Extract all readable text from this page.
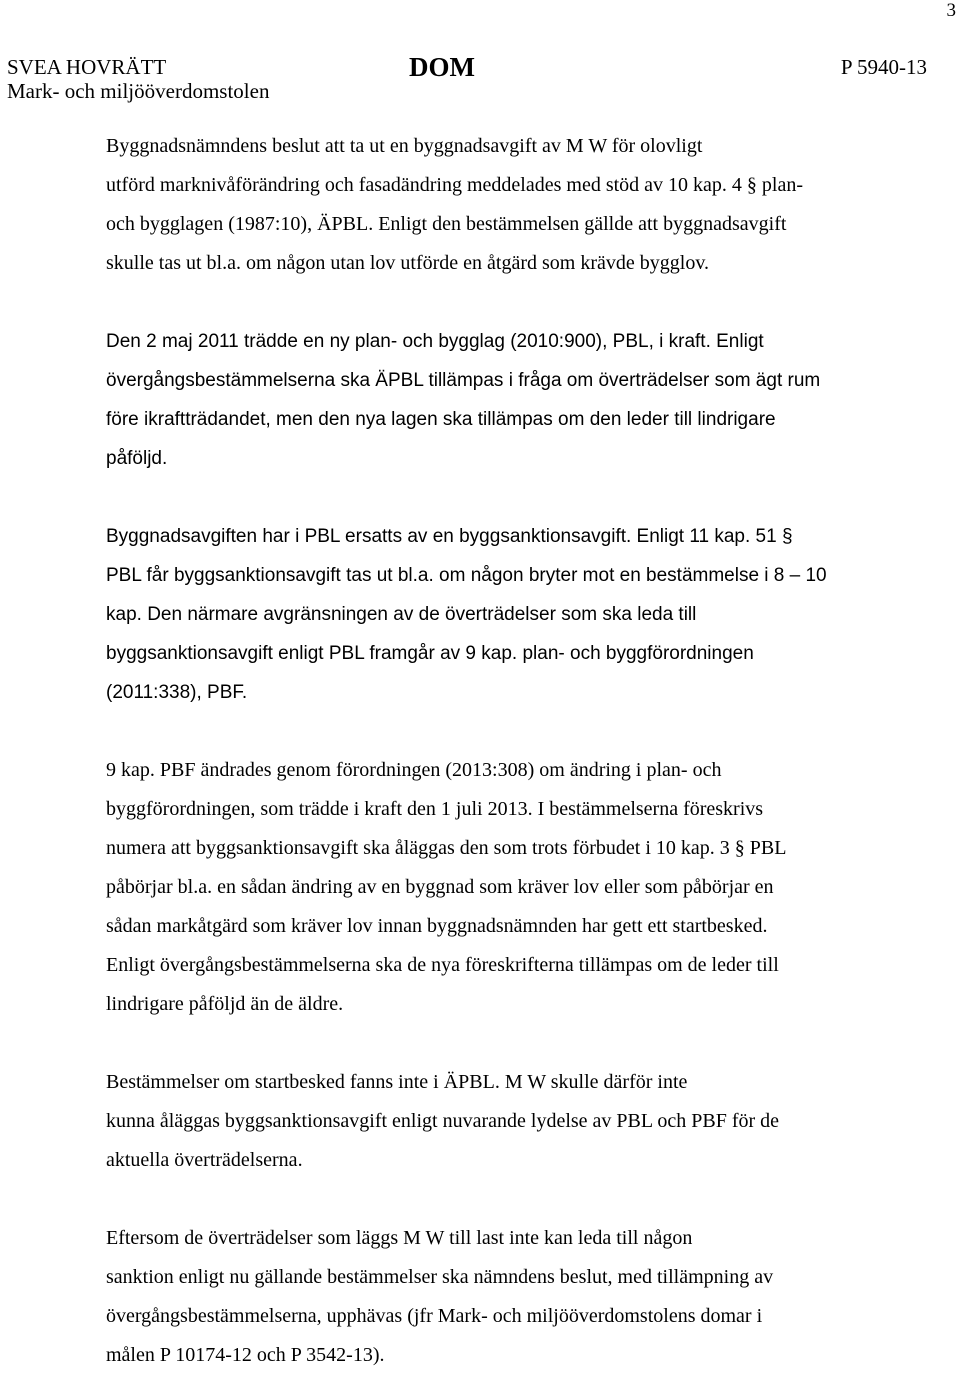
3
SVEA HOVRÄTT
Mark- och miljööverdomstolen
DOM	P 5940-13
Byggnadsnämndens beslut att ta ut en byggnadsavgift av M W för olovligt
utförd marknivåförändring och fasadändring meddelades med stöd av 10 kap. 4 § plan-
och bygglagen (1987:10), ÄPBL. Enligt den bestämmelsen gällde att byggnadsavgift
skulle tas ut bl.a. om någon utan lov utförde en åtgärd som krävde bygglov.
Den 2 maj 2011 trädde en ny plan- och bygglag (2010:900), PBL, i kraft. Enligt
övergångsbestämmelserna ska ÄPBL tillämpas i fråga om överträdelser som ägt rum
före ikraftträdandet, men den nya lagen ska tillämpas om den leder till lindrigare
påföljd.
Byggnadsavgiften har i PBL ersatts av en byggsanktionsavgift. Enligt 11 kap. 51 §
PBL får byggsanktionsavgift tas ut bl.a. om någon bryter mot en bestämmelse i 8 – 10
kap. Den närmare avgränsningen av de överträdelser som ska leda till
byggsanktionsavgift enligt PBL framgår av 9 kap. plan- och byggförordningen
(2011:338), PBF.
9 kap. PBF ändrades genom förordningen (2013:308) om ändring i plan- och
byggförordningen, som trädde i kraft den 1 juli 2013. I bestämmelserna föreskrivs
numera att byggsanktionsavgift ska åläggas den som trots förbudet i 10 kap. 3 § PBL
påbörjar bl.a. en sådan ändring av en byggnad som kräver lov eller som påbörjar en
sådan markåtgärd som kräver lov innan byggnadsnämnden har gett ett startbesked.
Enligt övergångsbestämmelserna ska de nya föreskrifterna tillämpas om de leder till
lindrigare påföljd än de äldre.
Bestämmelser om startbesked fanns inte i ÄPBL. M W skulle därför inte
kunna åläggas byggsanktionsavgift enligt nuvarande lydelse av PBL och PBF för de
aktuella överträdelserna.
Eftersom de överträdelser som läggs M W till last inte kan leda till någon
sanktion enligt nu gällande bestämmelser ska nämndens beslut, med tillämpning av
övergångsbestämmelserna, upphävas (jfr Mark- och miljööverdomstolens domar i
målen P 10174-12 och P 3542-13).
